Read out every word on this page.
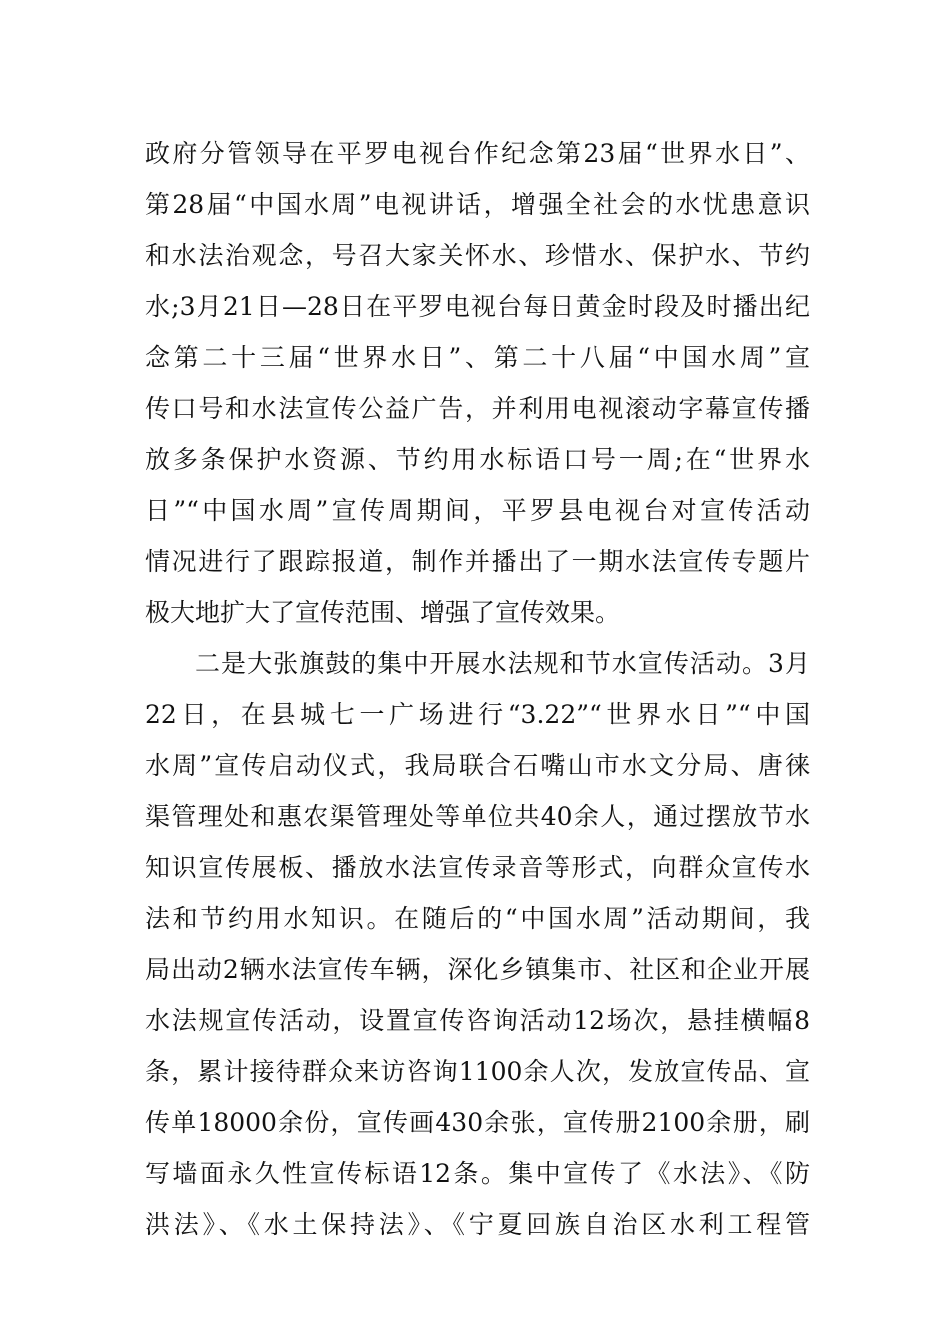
政府分管领导在平罗电视台作纪念第23届“世界水日”、
第28届“中国水周”电视讲话，增强全社会的水忧患意识
和水法治观念，号召大家关怀水、珍惜水、保护水、节约
水;3月21日—28日在平罗电视台每日黄金时段及时播出纪
念第二十三届“世界水日”、第二十八届“中国水周”宣
传口号和水法宣传公益广告，并利用电视滚动字幕宣传播
放多条保护水资源、节约用水标语口号一周;在“世界水
日”“中国水周”宣传周期间，平罗县电视台对宣传活动
情况进行了跟踪报道，制作并播出了一期水法宣传专题片
极大地扩大了宣传范围、增强了宣传效果。
二是大张旗鼓的集中开展水法规和节水宣传活动。3月
22日，在县城七一广场进行“3.22”“世界水日”“中国
水周”宣传启动仪式，我局联合石嘴山市水文分局、唐徕
渠管理处和惠农渠管理处等单位共40余人，通过摆放节水
知识宣传展板、播放水法宣传录音等形式，向群众宣传水
法和节约用水知识。在随后的“中国水周”活动期间，我
局出动2辆水法宣传车辆，深化乡镇集市、社区和企业开展
水法规宣传活动，设置宣传咨询活动12场次，悬挂横幅8
条，累计接待群众来访咨询1100余人次，发放宣传品、宣
传单18000余份，宣传画430余张，宣传册2100余册，刷
写墙面永久性宣传标语12条。集中宣传了《水法》、《防
洪法》、《水土保持法》、《宁夏回族自治区水利工程管
